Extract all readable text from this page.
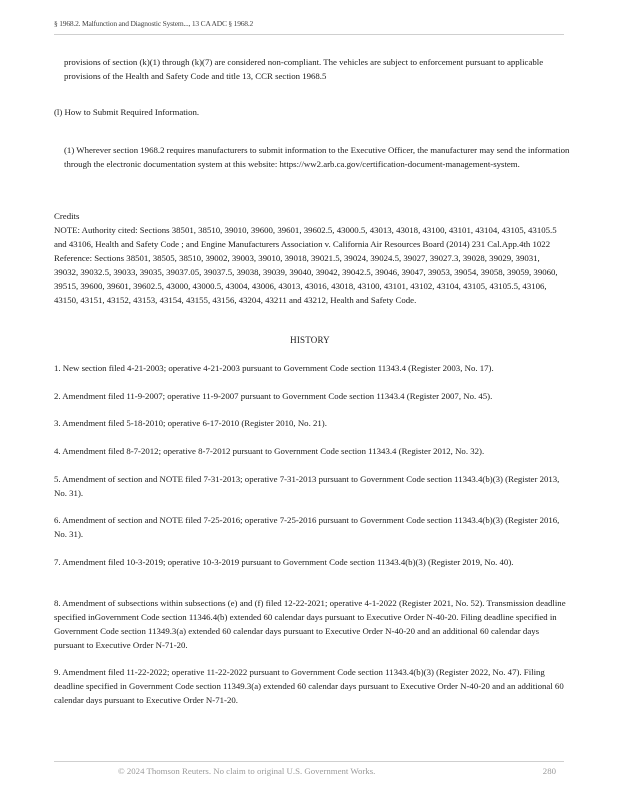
§ 1968.2. Malfunction and Diagnostic System..., 13 CA ADC § 1968.2

provisions of section (k)(1) through (k)(7) are considered non-compliant. The vehicles are subject to enforcement pursuant to applicable provisions of the Health and Safety Code and title 13, CCR section 1968.5

(l) How to Submit Required Information.

(1) Wherever section 1968.2 requires manufacturers to submit information to the Executive Officer, the manufacturer may send the information through the electronic documentation system at this website: https://ww2.arb.ca.gov/certification-document-management-system.

Credits

NOTE: Authority cited: Sections 38501, 38510, 39010, 39600, 39601, 39602.5, 43000.5, 43013, 43018, 43100, 43101, 43104, 43105, 43105.5 and 43106, Health and Safety Code ; and Engine Manufacturers Association v. California Air Resources Board (2014) 231 Cal.App.4th 1022 Reference: Sections 38501, 38505, 38510, 39002, 39003, 39010, 39018, 39021.5, 39024, 39024.5, 39027, 39027.3, 39028, 39029, 39031, 39032, 39032.5, 39033, 39035, 39037.05, 39037.5, 39038, 39039, 39040, 39042, 39042.5, 39046, 39047, 39053, 39054, 39058, 39059, 39060, 39515, 39600, 39601, 39602.5, 43000, 43000.5, 43004, 43006, 43013, 43016, 43018, 43100, 43101, 43102, 43104, 43105, 43105.5, 43106, 43150, 43151, 43152, 43153, 43154, 43155, 43156, 43204, 43211 and 43212, Health and Safety Code.

HISTORY

1. New section filed 4-21-2003; operative 4-21-2003 pursuant to Government Code section 11343.4 (Register 2003, No. 17).

2. Amendment filed 11-9-2007; operative 11-9-2007 pursuant to Government Code section 11343.4 (Register 2007, No. 45).

3. Amendment filed 5-18-2010; operative 6-17-2010 (Register 2010, No. 21).

4. Amendment filed 8-7-2012; operative 8-7-2012 pursuant to Government Code section 11343.4 (Register 2012, No. 32).

5. Amendment of section and NOTE filed 7-31-2013; operative 7-31-2013 pursuant to Government Code section 11343.4(b)(3) (Register 2013, No. 31).

6. Amendment of section and NOTE filed 7-25-2016; operative 7-25-2016 pursuant to Government Code section 11343.4(b)(3) (Register 2016, No. 31).

7. Amendment filed 10-3-2019; operative 10-3-2019 pursuant to Government Code section 11343.4(b)(3) (Register 2019, No. 40).

8. Amendment of subsections within subsections (e) and (f) filed 12-22-2021; operative 4-1-2022 (Register 2021, No. 52). Transmission deadline specified inGovernment Code section 11346.4(b) extended 60 calendar days pursuant to Executive Order N-40-20. Filing deadline specified in Government Code section 11349.3(a) extended 60 calendar days pursuant to Executive Order N-40-20 and an additional 60 calendar days pursuant to Executive Order N-71-20.

9. Amendment filed 11-22-2022; operative 11-22-2022 pursuant to Government Code section 11343.4(b)(3) (Register 2022, No. 47). Filing deadline specified in Government Code section 11349.3(a) extended 60 calendar days pursuant to Executive Order N-40-20 and an additional 60 calendar days pursuant to Executive Order N-71-20.

© 2024 Thomson Reuters. No claim to original U.S. Government Works.	280
